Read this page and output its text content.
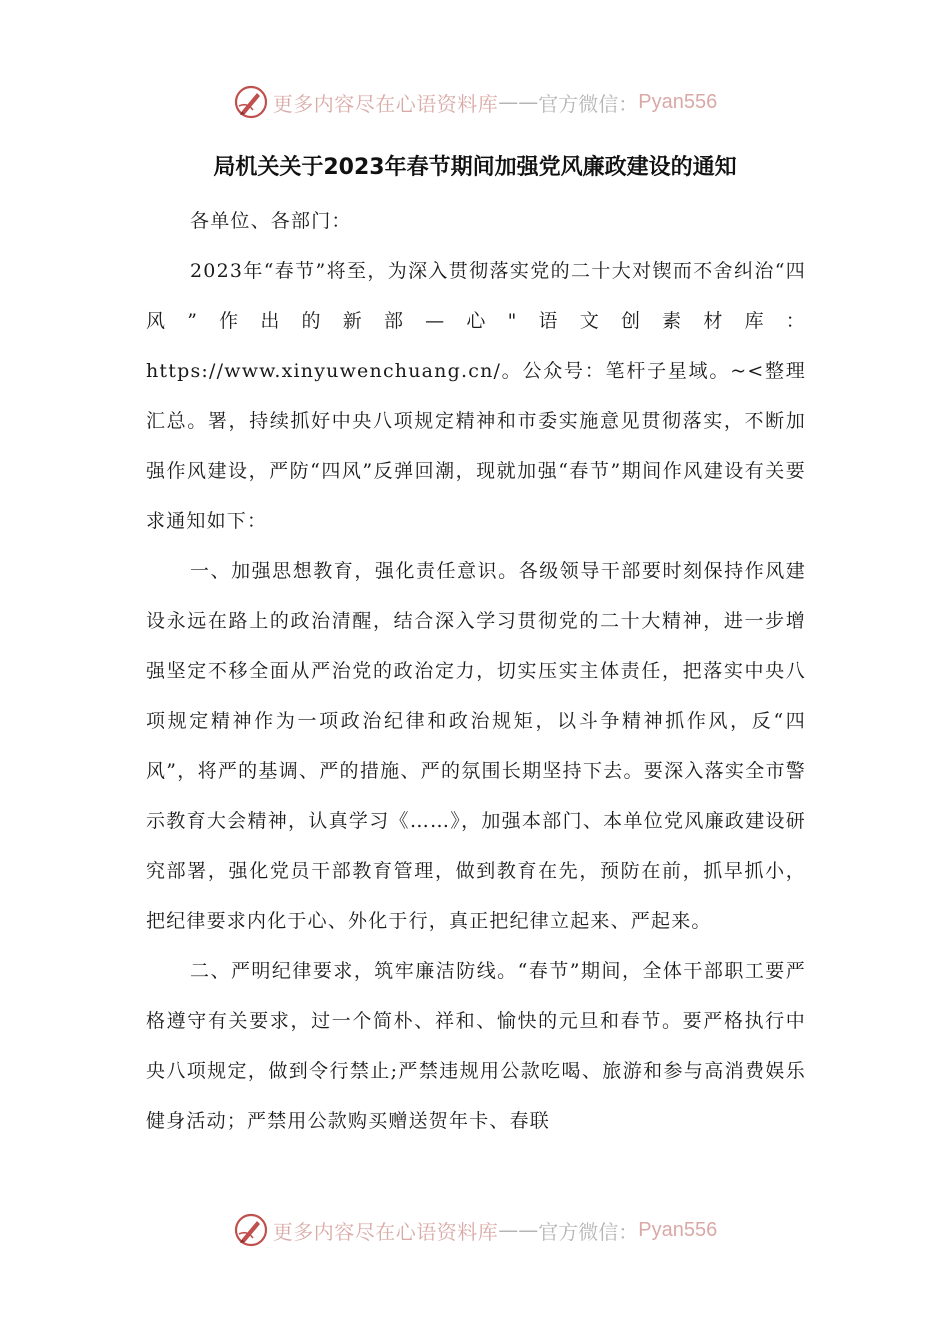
更多内容尽在心语资料库 —— 官方微信： Pyan556
局机关关于2023年春节期间加强党风廉政建设的通知

各单位、各部门：

2023年“春节”将至，为深入贯彻落实党的二十大对锲而不舍纠治“四风”作出的新部—心"语文创素材库：https://www.xinyuwenchuang.cn/。公众号：笔杆子星域。~<整理汇总。署，持续抓好中央八项规定精神和市委实施意见贯彻落实，不断加强作风建设，严防“四风”反弹回潮，现就加强“春节”期间作风建设有关要求通知如下：

一、加强思想教育，强化责任意识。各级领导干部要时刻保持作风建设永远在路上的政治清醒，结合深入学习贯彻党的二十大精神，进一步增强坚定不移全面从严治党的政治定力，切实压实主体责任，把落实中央八项规定精神作为一项政治纪律和政治规矩，以斗争精神抓作风，反“四风”，将严的基调、严的措施、严的氛围长期坚持下去。要深入落实全市警示教育大会精神，认真学习《……》，加强本部门、本单位党风廉政建设研究部署，强化党员干部教育管理，做到教育在先，预防在前，抓早抓小，把纪律要求内化于心、外化于行，真正把纪律立起来、严起来。

二、严明纪律要求，筑牢廉洁防线。“春节”期间，全体干部职工要严格遵守有关要求，过一个简朴、祥和、愉快的元旦和春节。要严格执行中央八项规定，做到令行禁止;严禁违规用公款吃喝、旅游和参与高消费娱乐健身活动；严禁用公款购买赠送贺年卡、春联

更多内容尽在心语资料库 —— 官方微信： Pyan556
